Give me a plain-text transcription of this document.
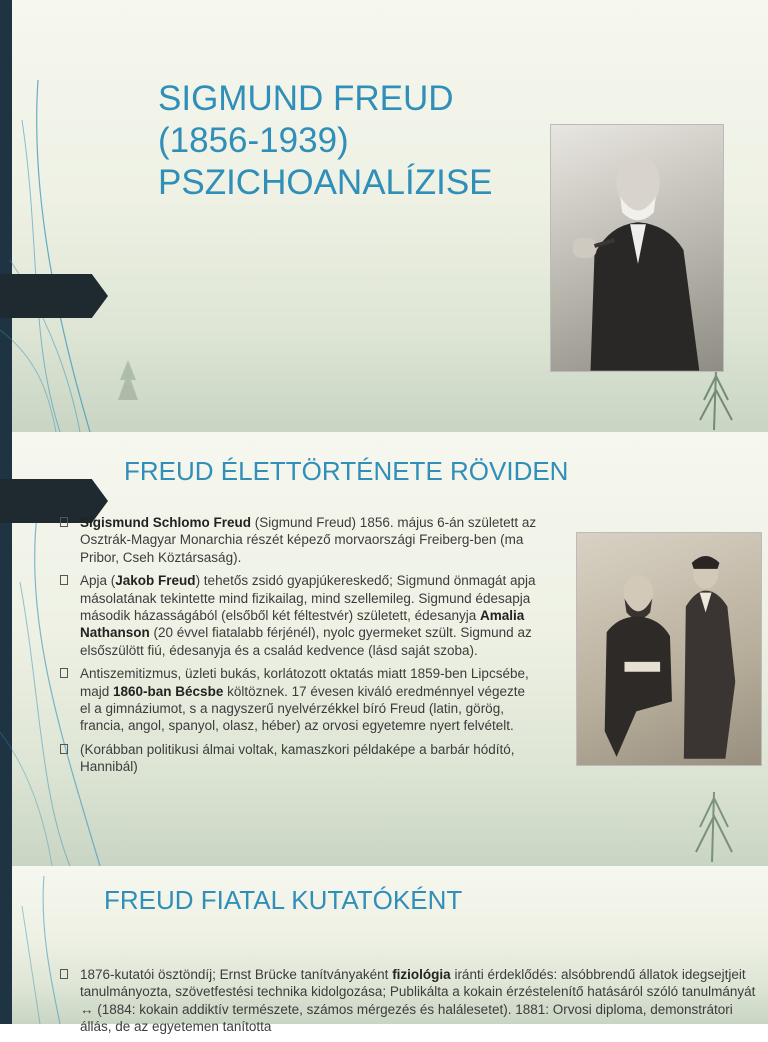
SIGMUND FREUD
(1856-1939)
PSZICHOANALÍZISE
FREUD ÉLETTÖRTÉNETE RÖVIDEN
Sigismund Schlomo Freud (Sigmund Freud) 1856. május 6-án született az Osztrák-Magyar Monarchia részét képező morvaországi Freiberg-ben (ma Pribor, Cseh Köztársaság).
Apja (Jakob Freud) tehetős zsidó gyapjúkereskedő; Sigmund önmagát apja másolatának tekintette mind fizikailag, mind szellemileg. Sigmund édesapja második házasságából (elsőből két féltestvér) született, édesanyja Amalia Nathanson (20 évvel fiatalabb férjénél), nyolc gyermeket szült. Sigmund az elsőszülött fiú, édesanyja és a család kedvence (lásd saját szoba).
Antiszemitizmus, üzleti bukás, korlátozott oktatás miatt 1859-ben Lipcsébe, majd 1860-ban Bécsbe költöznek. 17 évesen kiváló eredménnyel végezte el a gimnáziumot, s a nagyszerű nyelvérzékkel bíró Freud (latin, görög, francia, angol, spanyol, olasz, héber) az orvosi egyetemre nyert felvételt.
(Korábban politikusi álmai voltak, kamaszkori példaképe a barbár hódító, Hannibál)
FREUD FIATAL KUTATÓKÉNT
1876-kutatói ösztöndíj; Ernst Brücke tanítványaként fiziológia iránti érdeklődés: alsóbbrendű állatok idegsejtjeit tanulmányozta, szövetfestési technika kidolgozása; Publikálta a kokain érzéstelenítő hatásáról szóló tanulmányát ↔ (1884: kokain addiktív természete, számos mérgezés és halálesetet). 1881: Orvosi diploma, demonstrátori állás, de az egyetemen tanította
